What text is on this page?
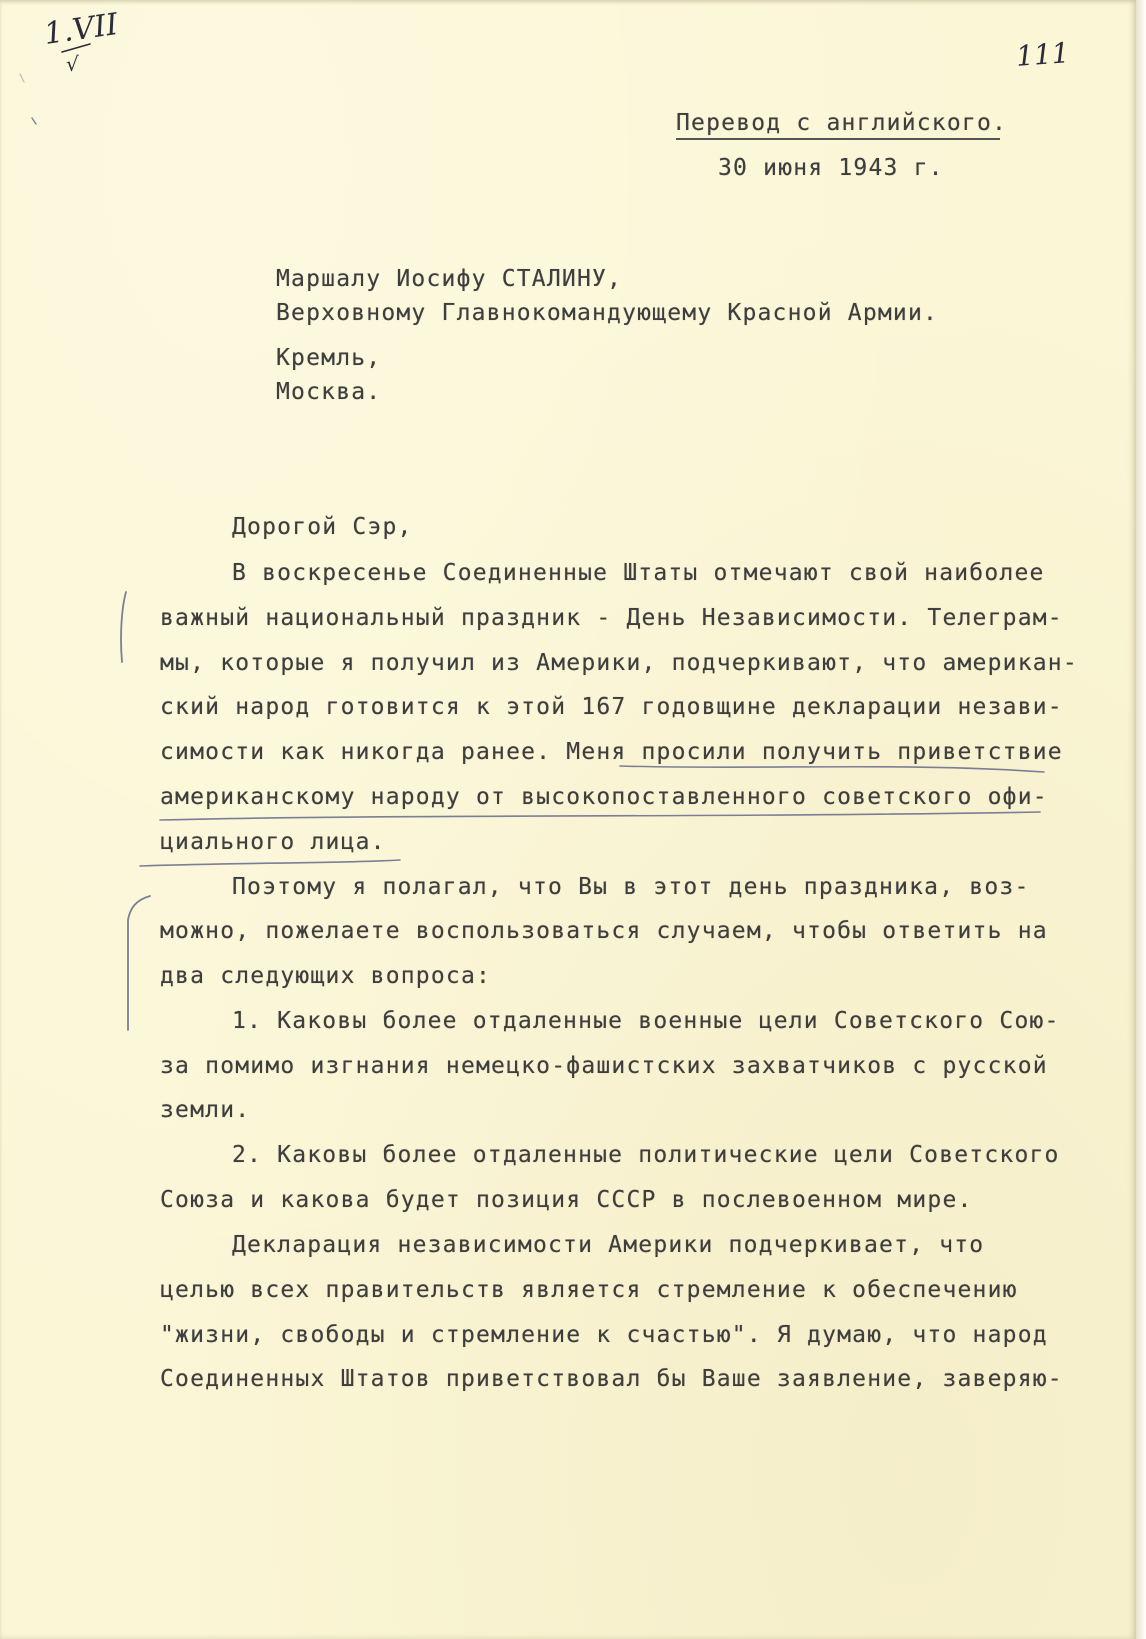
1.VII
√	111
Перевод с английского.
30 июня 1943 г.
Маршалу Иосифу СТАЛИНУ,
Верховному Главнокомандующему Красной Армии.
Кремль,
Москва.
Дорогой Сэр,
В воскресенье Соединенные Штаты отмечают свой наиболее
важный национальный праздник - День Независимости. Телеграм-
мы, которые я получил из Америки, подчеркивают, что американ-
ский народ готовится к этой 167 годовщине декларации незави-
симости как никогда ранее. Меня просили получить приветствие
американскому народу от высокопоставленного советского офи-
циального лица.
Поэтому я полагал, что Вы в этот день праздника, воз-
можно, пожелаете воспользоваться случаем, чтобы ответить на
два следующих вопроса:
1. Каковы более отдаленные военные цели Советского Сою-
за помимо изгнания немецко-фашистских захватчиков с русской
земли.
2. Каковы более отдаленные политические цели Советского
Союза и какова будет позиция СССР в послевоенном мире.
Декларация независимости Америки подчеркивает, что
целью всех правительств является стремление к обеспечению
"жизни, свободы и стремление к счастью". Я думаю, что народ
Соединенных Штатов приветствовал бы Ваше заявление, заверяю-
